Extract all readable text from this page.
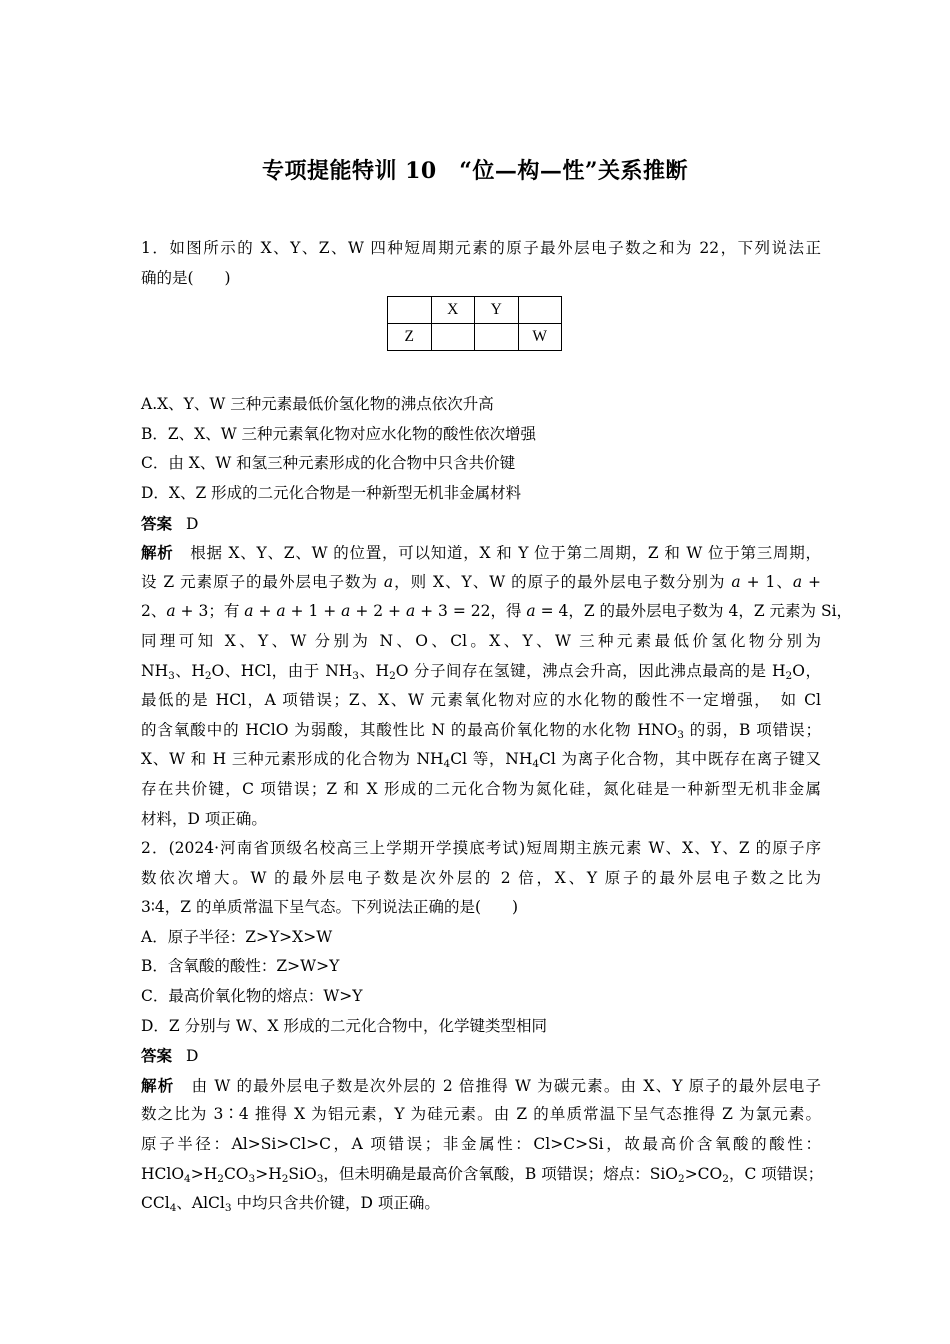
专项提能特训 10　“位—构—性”关系推断
1．如图所示的 X、Y、Z、W 四种短周期元素的原子最外层电子数之和为 22，下列说法正
确的是(　　)
	X	Y	
Z			W
A.X、Y、W 三种元素最低价氢化物的沸点依次升高
B．Z、X、W 三种元素氧化物对应水化物的酸性依次增强
C．由 X、W 和氢三种元素形成的化合物中只含共价键
D．X、Z 形成的二元化合物是一种新型无机非金属材料
答案 D
解析 根据 X、Y、Z、W 的位置，可以知道，X 和 Y 位于第二周期，Z 和 W 位于第三周期，
设 Z 元素原子的最外层电子数为 a，则 X、Y、W 的原子的最外层电子数分别为 a + 1、a +
2、a + 3；有 a + a + 1 + a + 2 + a + 3 = 22，得 a = 4，Z 的最外层电子数为 4，Z 元素为 Si，
同理可知 X、Y、W 分别为 N、O、Cl。X、Y、W 三种元素最低价氢化物分别为
$NH_3$、$H_2O$、HCl，由于 $NH_3$、$H_2O$ 分子间存在氢键，沸点会升高，因此沸点最高的是 $H_2O$，
最低的是 HCl，A 项错误；Z、X、W 元素氧化物对应的水化物的酸性不一定增强，　如 Cl
的含氧酸中的 HClO 为弱酸，其酸性比 N 的最高价氧化物的水化物 $HNO_3$ 的弱，B 项错误；
X、W 和 H 三种元素形成的化合物为 $NH_4Cl$ 等，$NH_4Cl$ 为离子化合物，其中既存在离子键又
存在共价键，C 项错误；Z 和 X 形成的二元化合物为氮化硅，氮化硅是一种新型无机非金属
材料，D 项正确。
2．(2024·河南省顶级名校高三上学期开学摸底考试)短周期主族元素 W、X、Y、Z 的原子序
数依次增大。W 的最外层电子数是次外层的 2 倍，X、Y 原子的最外层电子数之比为
3∶4，Z 的单质常温下呈气态。下列说法正确的是(　　)
A．原子半径：Z>Y>X>W
B．含氧酸的酸性：Z>W>Y
C．最高价氧化物的熔点：W>Y
D．Z 分别与 W、X 形成的二元化合物中，化学键类型相同
答案 D
解析 由 W 的最外层电子数是次外层的 2 倍推得 W 为碳元素。由 X、Y 原子的最外层电子
数之比为 3∶4 推得 X 为铝元素，Y 为硅元素。由 Z 的单质常温下呈气态推得 Z 为氯元素。
原子半径：Al>Si>Cl>C，A 项错误；非金属性：Cl>C>Si，故最高价含氧酸的酸性：
$HClO_4>H_2CO_3>H_2SiO_3$，但未明确是最高价含氧酸，B 项错误；熔点：$SiO_2>CO_2$，C 项错误；
CCl$_4$、AlCl$_3$ 中均只含共价键，D 项正确。
